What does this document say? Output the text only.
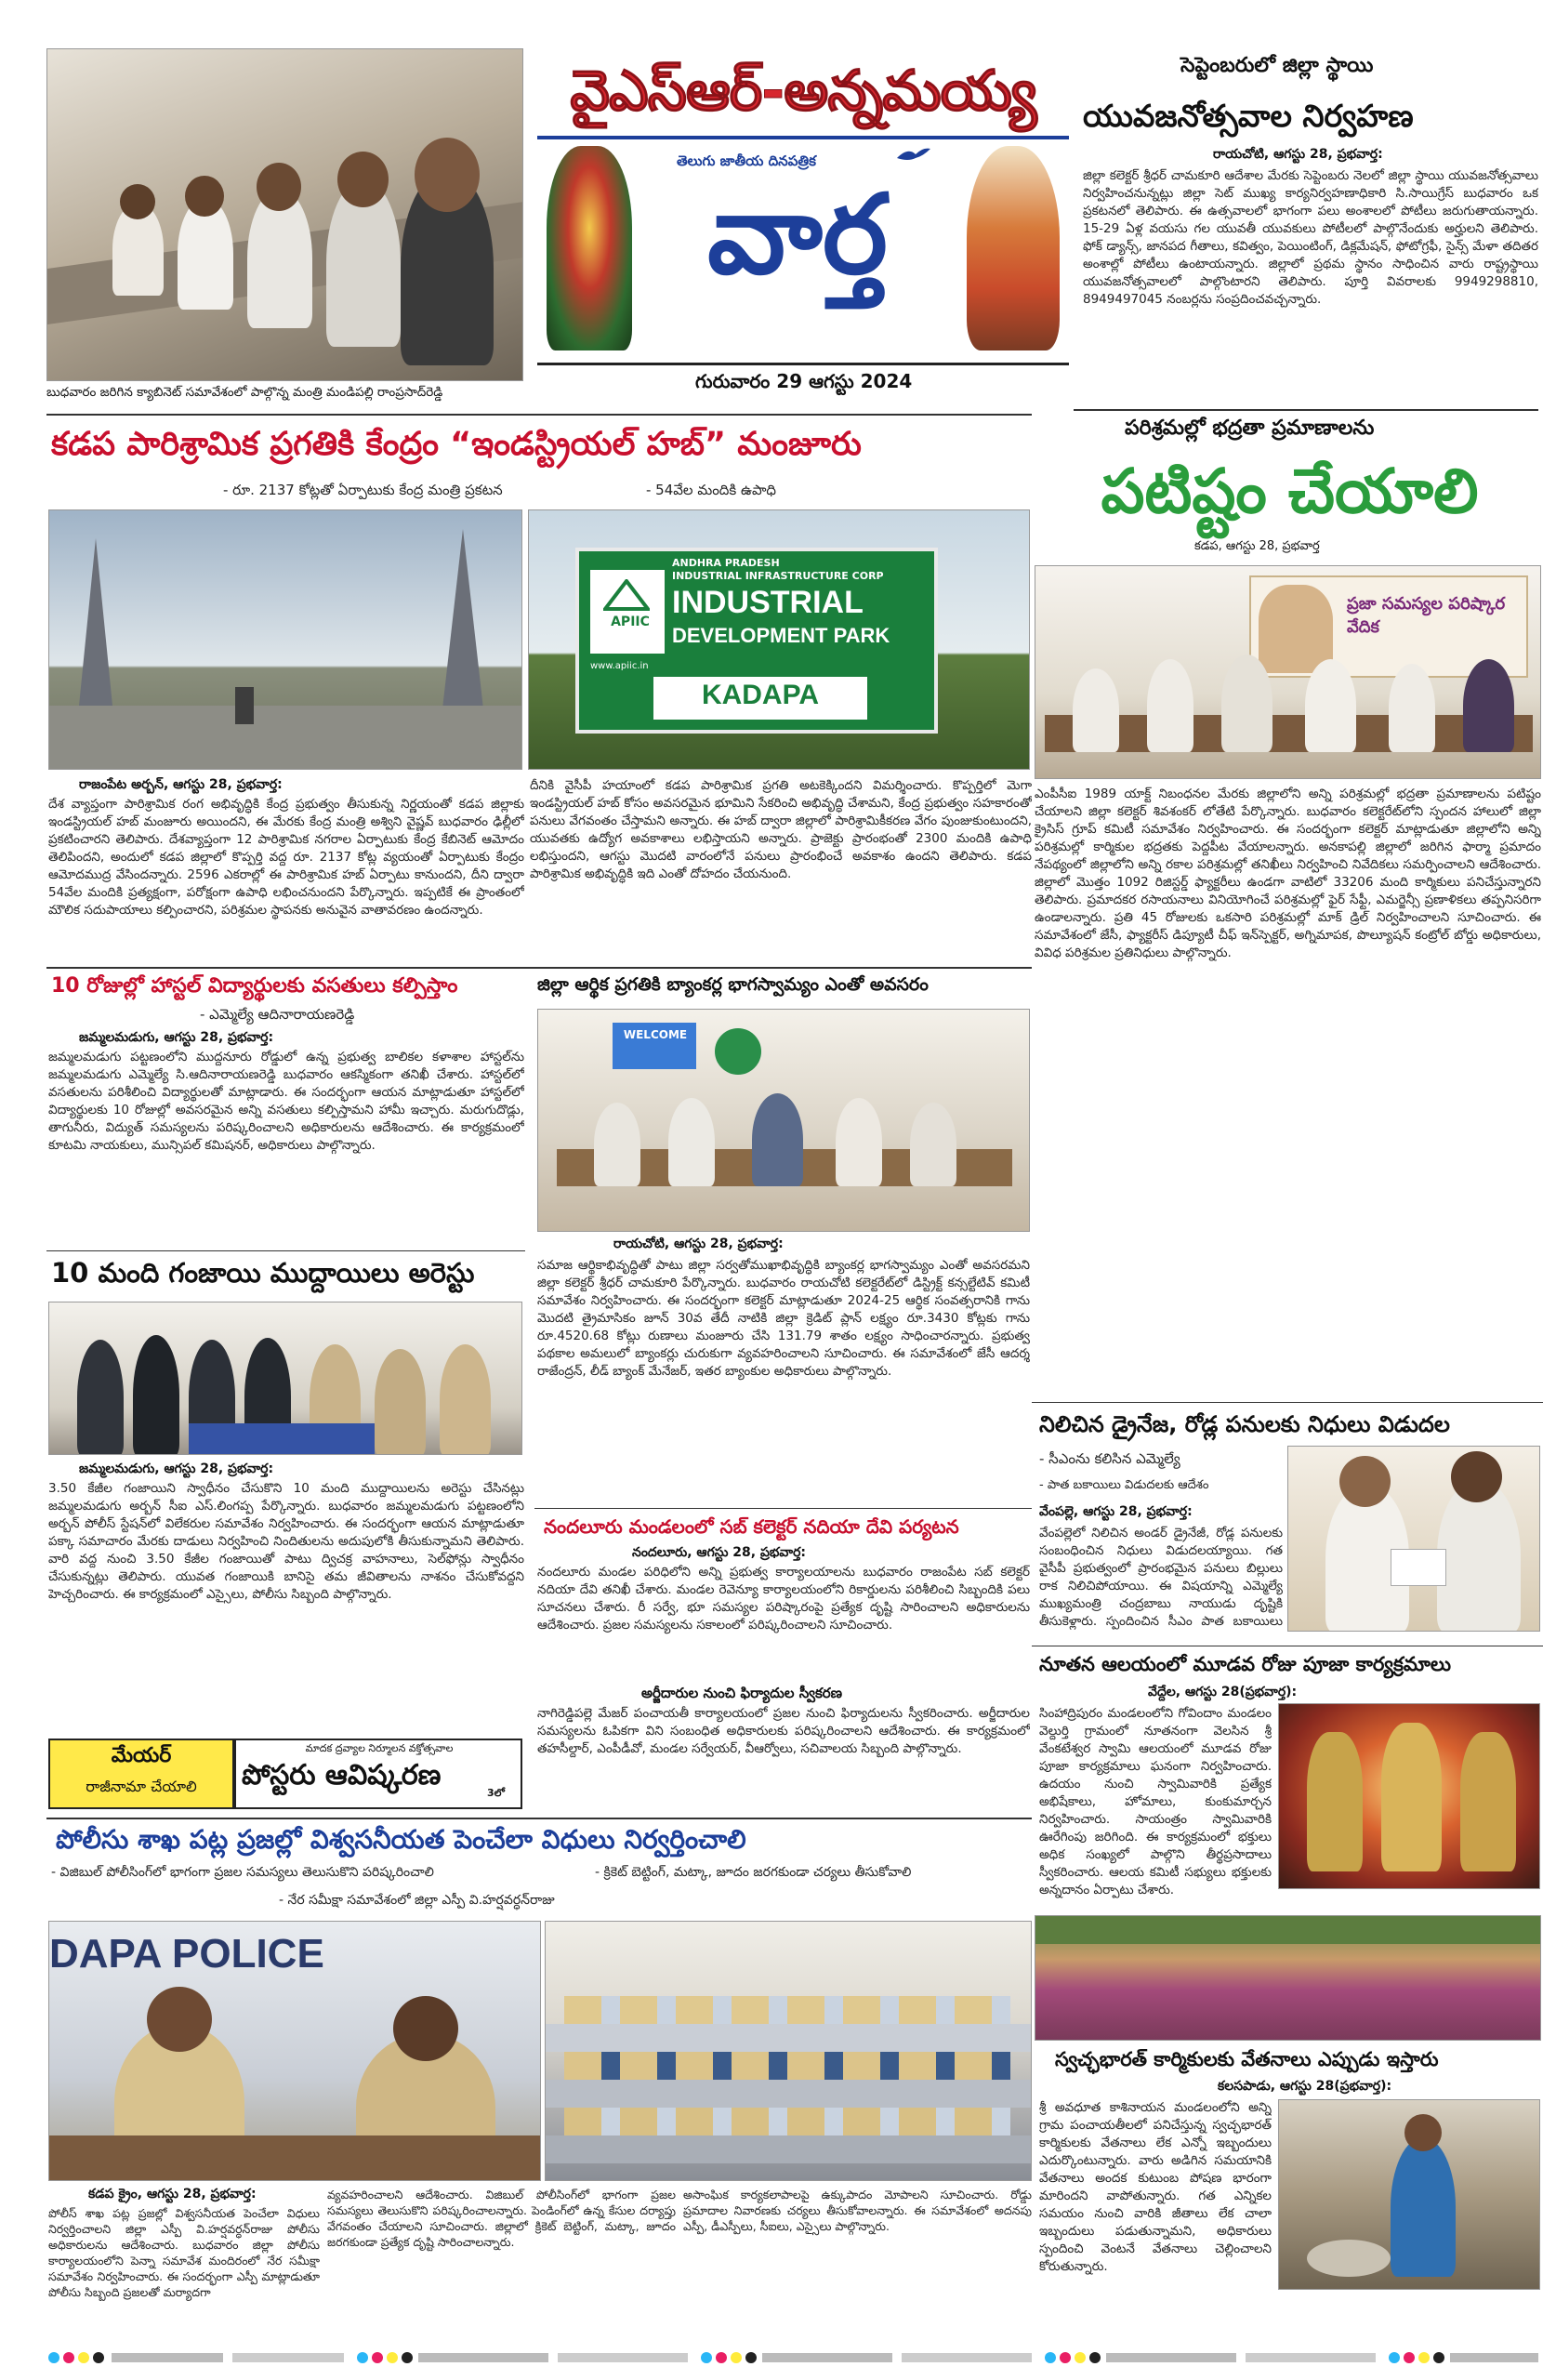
బుధవారం జరిగిన క్యాబినెట్ సమావేశంలో పాల్గొన్న మంత్రి మండిపల్లి రాంప్రసాద్‌రెడ్డి
వైఎస్ఆర్-అన్నమయ్య
తెలుగు జాతీయ దినపత్రిక
వార్త
గురువారం 29 ఆగస్టు 2024
సెప్టెంబరులో జిల్లా స్థాయి
యువజనోత్సవాల నిర్వహణ
రాయచోటి, ఆగస్టు 28, ప్రభవార్త:
జిల్లా కలెక్టర్ శ్రీధర్ చామకూరి ఆదేశాల మేరకు సెప్టెంబరు నెలలో జిల్లా స్థాయి యువజనోత్సవాలు నిర్వహించనున్నట్లు జిల్లా సెట్ ముఖ్య కార్యనిర్వహణాధికారి సి.సాయిగ్రేస్ బుధవారం ఒక ప్రకటనలో తెలిపారు. ఈ ఉత్సవాలలో భాగంగా పలు అంశాలలో పోటీలు జరుగుతాయన్నారు. 15-29 ఏళ్ల వయసు గల యువతీ యువకులు పోటీలలో పాల్గొనేందుకు అర్హులని తెలిపారు. ఫోక్ డ్యాన్స్, జానపద గీతాలు, కవిత్వం, పెయింటింగ్, డిక్లమేషన్, ఫోటోగ్రఫీ, సైన్స్ మేళా తదితర అంశాల్లో పోటీలు ఉంటాయన్నారు. జిల్లాలో ప్రథమ స్థానం సాధించిన వారు రాష్ట్రస్థాయి యువజనోత్సవాలలో పాల్గొంటారని తెలిపారు. పూర్తి వివరాలకు 9949298810, 8949497045 నంబర్లను సంప్రదించవచ్చన్నారు.
కడప పారిశ్రామిక ప్రగతికి కేంద్రం “ఇండస్ట్రియల్ హబ్” మంజూరు
- రూ. 2137 కోట్లతో ఏర్పాటుకు కేంద్ర మంత్రి ప్రకటన	- 54వేల మందికి ఉపాధి
APIIC
ANDHRA PRADESH
INDUSTRIAL INFRASTRUCTURE CORP
INDUSTRIAL
DEVELOPMENT PARK
www.apiic.in
KADAPA
రాజంపేట అర్బన్, ఆగస్టు 28, ప్రభవార్త:
దేశ వ్యాప్తంగా పారిశ్రామిక రంగ అభివృద్ధికి కేంద్ర ప్రభుత్వం తీసుకున్న నిర్ణయంతో కడప జిల్లాకు ఇండస్ట్రియల్ హబ్ మంజూరు అయిందని, ఈ మేరకు కేంద్ర మంత్రి అశ్విని వైష్ణవ్ బుధవారం ఢిల్లీలో ప్రకటించారని తెలిపారు. దేశవ్యాప్తంగా 12 పారిశ్రామిక నగరాల ఏర్పాటుకు కేంద్ర కేబినెట్ ఆమోదం తెలిపిందని, అందులో కడప జిల్లాలో కొప్పర్తి వద్ద రూ. 2137 కోట్ల వ్యయంతో ఏర్పాటుకు కేంద్రం ఆమోదముద్ర వేసిందన్నారు. 2596 ఎకరాల్లో ఈ పారిశ్రామిక హబ్ ఏర్పాటు కానుందని, దీని ద్వారా 54వేల మందికి ప్రత్యక్షంగా, పరోక్షంగా ఉపాధి లభించనుందని పేర్కొన్నారు. ఇప్పటికే ఈ ప్రాంతంలో మౌలిక సదుపాయాలు కల్పించారని, పరిశ్రమల స్థాపనకు అనువైన వాతావరణం ఉందన్నారు.
దీనికి వైసీపీ హయాంలో కడప పారిశ్రామిక ప్రగతి అటకెక్కిందని విమర్శించారు. కొప్పర్తిలో మెగా ఇండస్ట్రియల్ హబ్ కోసం అవసరమైన భూమిని సేకరించి అభివృద్ధి చేశామని, కేంద్ర ప్రభుత్వం సహకారంతో పనులు వేగవంతం చేస్తామని అన్నారు. ఈ హబ్ ద్వారా జిల్లాలో పారిశ్రామికీకరణ వేగం పుంజుకుంటుందని, యువతకు ఉద్యోగ అవకాశాలు లభిస్తాయని అన్నారు. ప్రాజెక్టు ప్రారంభంతో 2300 మందికి ఉపాధి లభిస్తుందని, ఆగస్టు మొదటి వారంలోనే పనులు ప్రారంభించే అవకాశం ఉందని తెలిపారు. కడప పారిశ్రామిక అభివృద్ధికి ఇది ఎంతో దోహదం చేయనుంది.
10 రోజుల్లో హాస్టల్ విద్యార్థులకు వసతులు కల్పిస్తాం
- ఎమ్మెల్యే ఆదినారాయణరెడ్డి
జమ్మలమడుగు, ఆగస్టు 28, ప్రభవార్త:
జమ్మలమడుగు పట్టణంలోని ముద్దనూరు రోడ్డులో ఉన్న ప్రభుత్వ బాలికల కళాశాల హాస్టల్‌ను జమ్మలమడుగు ఎమ్మెల్యే సి.ఆదినారాయణరెడ్డి బుధవారం ఆకస్మికంగా తనిఖీ చేశారు. హాస్టల్‌లో వసతులను పరిశీలించి విద్యార్థులతో మాట్లాడారు. ఈ సందర్భంగా ఆయన మాట్లాడుతూ హాస్టల్‌లో విద్యార్థులకు 10 రోజుల్లో అవసరమైన అన్ని వసతులు కల్పిస్తామని హామీ ఇచ్చారు. మరుగుదొడ్లు, తాగునీరు, విద్యుత్ సమస్యలను పరిష్కరించాలని అధికారులను ఆదేశించారు. ఈ కార్యక్రమంలో కూటమి నాయకులు, మున్సిపల్ కమిషనర్, అధికారులు పాల్గొన్నారు.
10 మంది గంజాయి ముద్దాయిలు అరెస్టు
జమ్మలమడుగు, ఆగస్టు 28, ప్రభవార్త:
3.50 కేజీల గంజాయిని స్వాధీనం చేసుకొని 10 మంది ముద్దాయిలను అరెస్టు చేసినట్లు జమ్మలమడుగు అర్బన్ సీఐ ఎస్.లింగప్ప పేర్కొన్నారు. బుధవారం జమ్మలమడుగు పట్టణంలోని అర్బన్ పోలీస్ స్టేషన్‌లో విలేకరుల సమావేశం నిర్వహించారు. ఈ సందర్భంగా ఆయన మాట్లాడుతూ పక్కా సమాచారం మేరకు దాడులు నిర్వహించి నిందితులను అదుపులోకి తీసుకున్నామని తెలిపారు. వారి వద్ద నుంచి 3.50 కేజీల గంజాయితో పాటు ద్విచక్ర వాహనాలు, సెల్‌ఫోన్లు స్వాధీనం చేసుకున్నట్లు తెలిపారు. యువత గంజాయికి బానిసై తమ జీవితాలను నాశనం చేసుకోవద్దని హెచ్చరించారు. ఈ కార్యక్రమంలో ఎస్సైలు, పోలీసు సిబ్బంది పాల్గొన్నారు.
మేయర్
రాజీనామా చేయాలి
మాదక ద్రవ్యాల నిర్మూలన వక్తోత్సవాల
పోస్టరు ఆవిష్కరణ
3లో
జిల్లా ఆర్థిక ప్రగతికి బ్యాంకర్ల భాగస్వామ్యం ఎంతో అవసరం
WELCOME
రాయచోటి, ఆగస్టు 28, ప్రభవార్త:
సమాజ ఆర్థికాభివృద్ధితో పాటు జిల్లా సర్వతోముఖాభివృద్ధికి బ్యాంకర్ల భాగస్వామ్యం ఎంతో అవసరమని జిల్లా కలెక్టర్ శ్రీధర్ చామకూరి పేర్కొన్నారు. బుధవారం రాయచోటి కలెక్టరేట్‌లో డిస్ట్రిక్ట్ కన్సల్టేటివ్ కమిటీ సమావేశం నిర్వహించారు. ఈ సందర్భంగా కలెక్టర్ మాట్లాడుతూ 2024-25 ఆర్థిక సంవత్సరానికి గాను మొదటి త్రైమాసికం జూన్ 30వ తేదీ నాటికి జిల్లా క్రెడిట్ ప్లాన్ లక్ష్యం రూ.3430 కోట్లకు గాను రూ.4520.68 కోట్లు రుణాలు మంజూరు చేసి 131.79 శాతం లక్ష్యం సాధించారన్నారు. ప్రభుత్వ పథకాల అమలులో బ్యాంకర్లు చురుకుగా వ్యవహరించాలని సూచించారు. ఈ సమావేశంలో జేసీ ఆదర్శ రాజేంద్రన్, లీడ్ బ్యాంక్ మేనేజర్, ఇతర బ్యాంకుల అధికారులు పాల్గొన్నారు.
నందలూరు మండలంలో సబ్ కలెక్టర్ నదియా దేవి పర్యటన
నందలూరు, ఆగస్టు 28, ప్రభవార్త:
నందలూరు మండల పరిధిలోని అన్ని ప్రభుత్వ కార్యాలయాలను బుధవారం రాజంపేట సబ్ కలెక్టర్ నదియా దేవి తనిఖీ చేశారు. మండల రెవెన్యూ కార్యాలయంలోని రికార్డులను పరిశీలించి సిబ్బందికి పలు సూచనలు చేశారు. రీ సర్వే, భూ సమస్యల పరిష్కారంపై ప్రత్యేక దృష్టి సారించాలని అధికారులను ఆదేశించారు. ప్రజల సమస్యలను సకాలంలో పరిష్కరించాలని సూచించారు.
అర్జీదారుల నుంచి ఫిర్యాదుల స్వీకరణ
నాగిరెడ్డిపల్లె మేజర్ పంచాయతీ కార్యాలయంలో ప్రజల నుంచి ఫిర్యాదులను స్వీకరించారు. అర్జీదారుల సమస్యలను ఓపికగా విని సంబంధిత అధికారులకు పరిష్కరించాలని ఆదేశించారు. ఈ కార్యక్రమంలో తహసీల్దార్, ఎంపీడీవో, మండల సర్వేయర్, వీఆర్వోలు, సచివాలయ సిబ్బంది పాల్గొన్నారు.
పరిశ్రమల్లో భద్రతా ప్రమాణాలను
పటిష్టం చేయాలి
కడప, ఆగస్టు 28, ప్రభవార్త
ప్రజా సమస్యల పరిష్కార వేదిక
ఎంపీసీఐ 1989 యాక్ట్ నిబంధనల మేరకు జిల్లాలోని అన్ని పరిశ్రమల్లో భద్రతా ప్రమాణాలను పటిష్టం చేయాలని జిల్లా కలెక్టర్ శివశంకర్ లోతేటి పేర్కొన్నారు. బుధవారం కలెక్టరేట్‌లోని స్పందన హాలులో జిల్లా క్రైసిస్ గ్రూప్ కమిటీ సమావేశం నిర్వహించారు. ఈ సందర్భంగా కలెక్టర్ మాట్లాడుతూ జిల్లాలోని అన్ని పరిశ్రమల్లో కార్మికుల భద్రతకు పెద్దపీట వేయాలన్నారు. అనకాపల్లి జిల్లాలో జరిగిన ఫార్మా ప్రమాదం నేపథ్యంలో జిల్లాలోని అన్ని రకాల పరిశ్రమల్లో తనిఖీలు నిర్వహించి నివేదికలు సమర్పించాలని ఆదేశించారు. జిల్లాలో మొత్తం 1092 రిజిస్టర్డ్ ఫ్యాక్టరీలు ఉండగా వాటిలో 33206 మంది కార్మికులు పనిచేస్తున్నారని తెలిపారు. ప్రమాదకర రసాయనాలు వినియోగించే పరిశ్రమల్లో ఫైర్ సేఫ్టీ, ఎమర్జెన్సీ ప్రణాళికలు తప్పనిసరిగా ఉండాలన్నారు. ప్రతి 45 రోజులకు ఒకసారి పరిశ్రమల్లో మాక్ డ్రిల్ నిర్వహించాలని సూచించారు. ఈ సమావేశంలో జేసీ, ఫ్యాక్టరీస్ డిప్యూటీ చీఫ్ ఇన్‌స్పెక్టర్, అగ్నిమాపక, పొల్యూషన్ కంట్రోల్ బోర్డు అధికారులు, వివిధ పరిశ్రమల ప్రతినిధులు పాల్గొన్నారు.
నిలిచిన డ్రైనేజ, రోడ్ల పనులకు నిధులు విడుదల
- సీఎంను కలిసిన ఎమ్మెల్యే
- పాత బకాయిలు విడుదలకు ఆదేశం
వేంపల్లె, ఆగస్టు 28, ప్రభవార్త:
వేంపల్లెలో నిలిచిన అండర్ డ్రైనేజీ, రోడ్ల పనులకు సంబంధించిన నిధులు విడుదలయ్యాయి. గత వైసీపీ ప్రభుత్వంలో ప్రారంభమైన పనులు బిల్లులు రాక నిలిచిపోయాయి. ఈ విషయాన్ని ఎమ్మెల్యే ముఖ్యమంత్రి చంద్రబాబు నాయుడు దృష్టికి తీసుకెళ్లారు. స్పందించిన సీఎం పాత బకాయిలు
నూతన ఆలయంలో మూడవ రోజు పూజా కార్యక్రమాలు
వేద్దేల, ఆగస్టు 28(ప్రభవార్త):
సింహాద్రిపురం మండలంలోని గోవిందాం మండలం వెల్దుర్తి గ్రామంలో నూతనంగా వెలసిన శ్రీ వేంకటేశ్వర స్వామి ఆలయంలో మూడవ రోజు పూజా కార్యక్రమాలు ఘనంగా నిర్వహించారు. ఉదయం నుంచి స్వామివారికి ప్రత్యేక అభిషేకాలు, హోమాలు, కుంకుమార్చన నిర్వహించారు. సాయంత్రం స్వామివారికి ఊరేగింపు జరిగింది. ఈ కార్యక్రమంలో భక్తులు అధిక సంఖ్యలో పాల్గొని తీర్థప్రసాదాలు స్వీకరించారు. ఆలయ కమిటీ సభ్యులు భక్తులకు అన్నదానం ఏర్పాటు చేశారు.
స్వచ్ఛభారత్ కార్మికులకు వేతనాలు ఎప్పుడు ఇస్తారు
కలసపాడు, ఆగస్టు 28(ప్రభవార్త):
శ్రీ అవధూత కాశినాయన మండలంలోని అన్ని గ్రామ పంచాయతీలలో పనిచేస్తున్న స్వచ్ఛభారత్ కార్మికులకు వేతనాలు లేక ఎన్నో ఇబ్బందులు ఎదుర్కొంటున్నారు. వారు అడిగిన సమయానికి వేతనాలు అందక కుటుంబ పోషణ భారంగా మారిందని వాపోతున్నారు. గత ఎన్నికల సమయం నుంచి వారికి జీతాలు లేక చాలా ఇబ్బందులు పడుతున్నామని, అధికారులు స్పందించి వెంటనే వేతనాలు చెల్లించాలని కోరుతున్నారు.
పోలీసు శాఖ పట్ల ప్రజల్లో విశ్వసనీయత పెంచేలా విధులు నిర్వర్తించాలి
- విజిబుల్ పోలీసింగ్‌లో భాగంగా ప్రజల సమస్యలు తెలుసుకొని పరిష్కరించాలి	- క్రికెట్ బెట్టింగ్, మట్కా, జూదం జరగకుండా చర్యలు తీసుకోవాలి
- నేర సమీక్షా సమావేశంలో జిల్లా ఎస్పీ వి.హర్షవర్ధన్‌రాజు
DAPA POLICE
కడప క్రైం, ఆగస్టు 28, ప్రభవార్త:
పోలీస్ శాఖ పట్ల ప్రజల్లో విశ్వసనీయత పెంచేలా విధులు నిర్వర్తించాలని జిల్లా ఎస్పీ వి.హర్షవర్ధన్‌రాజు పోలీసు అధికారులను ఆదేశించారు. బుధవారం జిల్లా పోలీసు కార్యాలయంలోని పెన్నా సమావేశ మందిరంలో నేర సమీక్షా సమావేశం నిర్వహించారు. ఈ సందర్భంగా ఎస్పీ మాట్లాడుతూ పోలీసు సిబ్బంది ప్రజలతో మర్యాదగా
వ్యవహరించాలని ఆదేశించారు. విజిబుల్ పోలీసింగ్‌లో భాగంగా ప్రజల సమస్యలు తెలుసుకొని పరిష్కరించాలన్నారు. పెండింగ్‌లో ఉన్న కేసుల దర్యాప్తు వేగవంతం చేయాలని సూచించారు. జిల్లాలో క్రికెట్ బెట్టింగ్, మట్కా, జూదం జరగకుండా ప్రత్యేక దృష్టి సారించాలన్నారు.
అసాంఘిక కార్యకలాపాలపై ఉక్కుపాదం మోపాలని సూచించారు. రోడ్డు ప్రమాదాల నివారణకు చర్యలు తీసుకోవాలన్నారు. ఈ సమావేశంలో అదనపు ఎస్పీ, డీఎస్పీలు, సీఐలు, ఎస్సైలు పాల్గొన్నారు.
